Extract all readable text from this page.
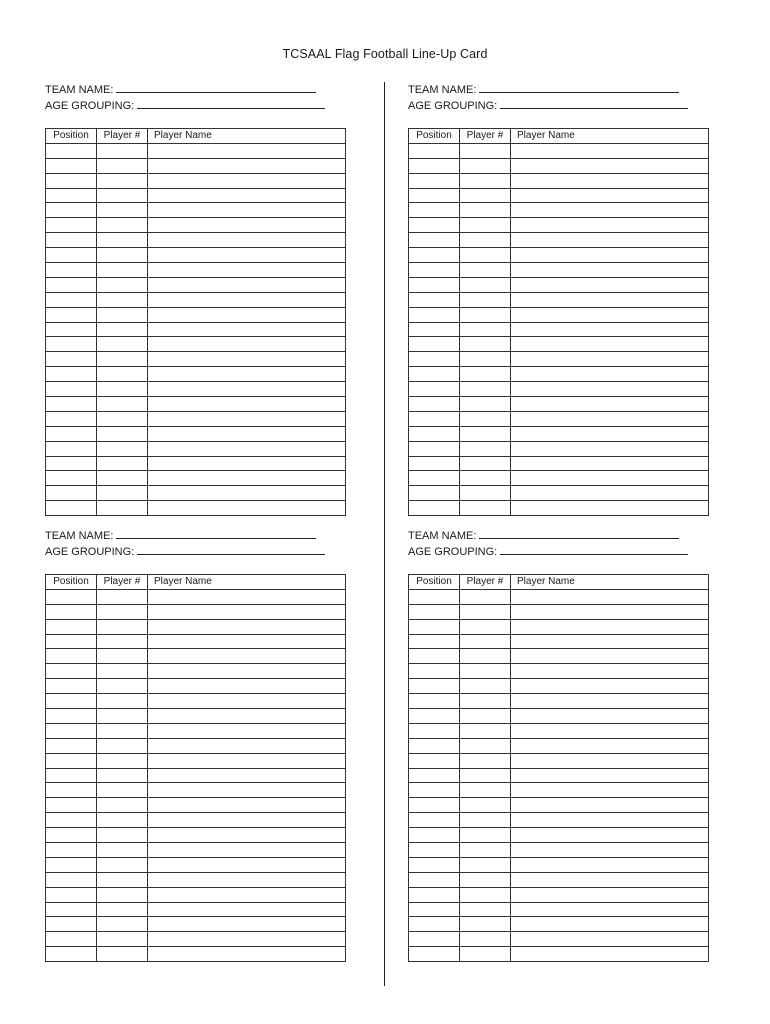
TCSAAL Flag Football Line-Up Card
TEAM NAME:
AGE GROUPING:
Position	Player #	Player Name

TEAM NAME:
AGE GROUPING:
Position	Player #	Player Name

TEAM NAME:
AGE GROUPING:
Position	Player #	Player Name

TEAM NAME:
AGE GROUPING:
Position	Player #	Player Name
